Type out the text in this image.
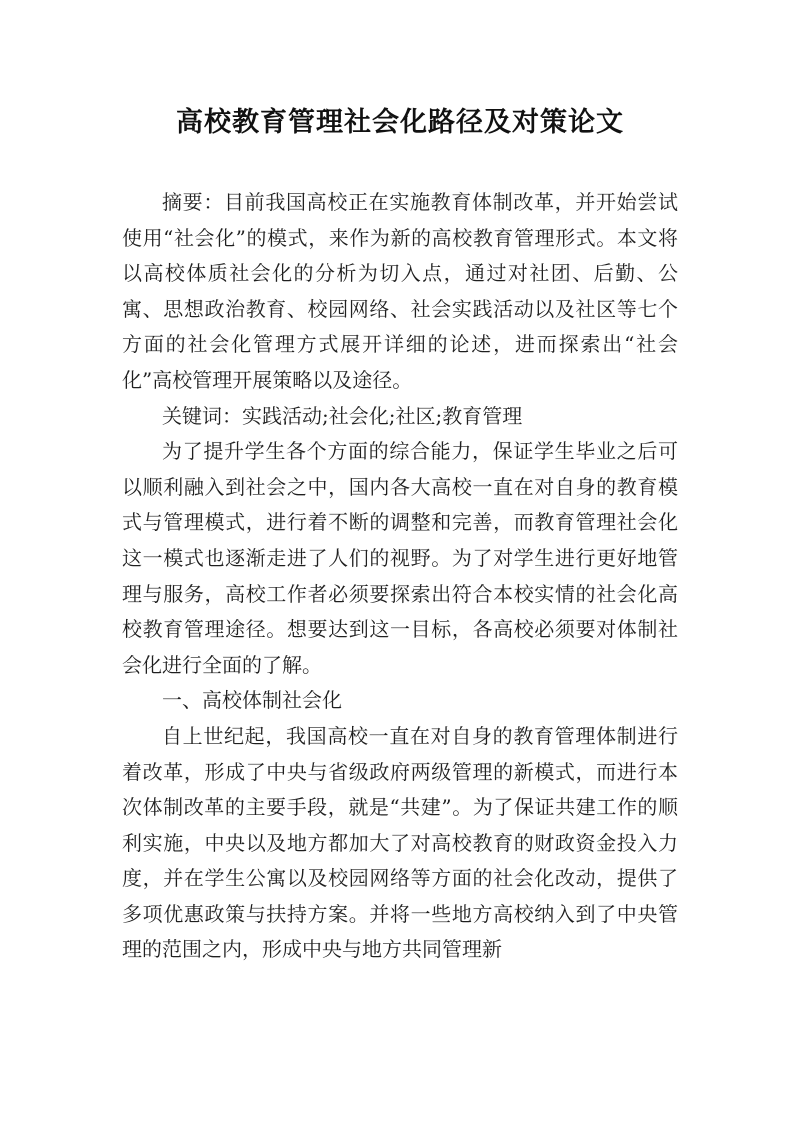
高校教育管理社会化路径及对策论文

摘要：目前我国高校正在实施教育体制改革，并开始尝试使用“社会化”的模式，来作为新的高校教育管理形式。本文将以高校体质社会化的分析为切入点，通过对社团、后勤、公寓、思想政治教育、校园网络、社会实践活动以及社区等七个方面的社会化管理方式展开详细的论述，进而探索出“社会化”高校管理开展策略以及途径。

关键词：实践活动;社会化;社区;教育管理

为了提升学生各个方面的综合能力，保证学生毕业之后可以顺利融入到社会之中，国内各大高校一直在对自身的教育模式与管理模式，进行着不断的调整和完善，而教育管理社会化这一模式也逐渐走进了人们的视野。为了对学生进行更好地管理与服务，高校工作者必须要探索出符合本校实情的社会化高校教育管理途径。想要达到这一目标，各高校必须要对体制社会化进行全面的了解。

一、高校体制社会化

自上世纪起，我国高校一直在对自身的教育管理体制进行着改革，形成了中央与省级政府两级管理的新模式，而进行本次体制改革的主要手段，就是“共建”。为了保证共建工作的顺利实施，中央以及地方都加大了对高校教育的财政资金投入力度，并在学生公寓以及校园网络等方面的社会化改动，提供了多项优惠政策与扶持方案。并将一些地方高校纳入到了中央管理的范围之内，形成中央与地方共同管理新
